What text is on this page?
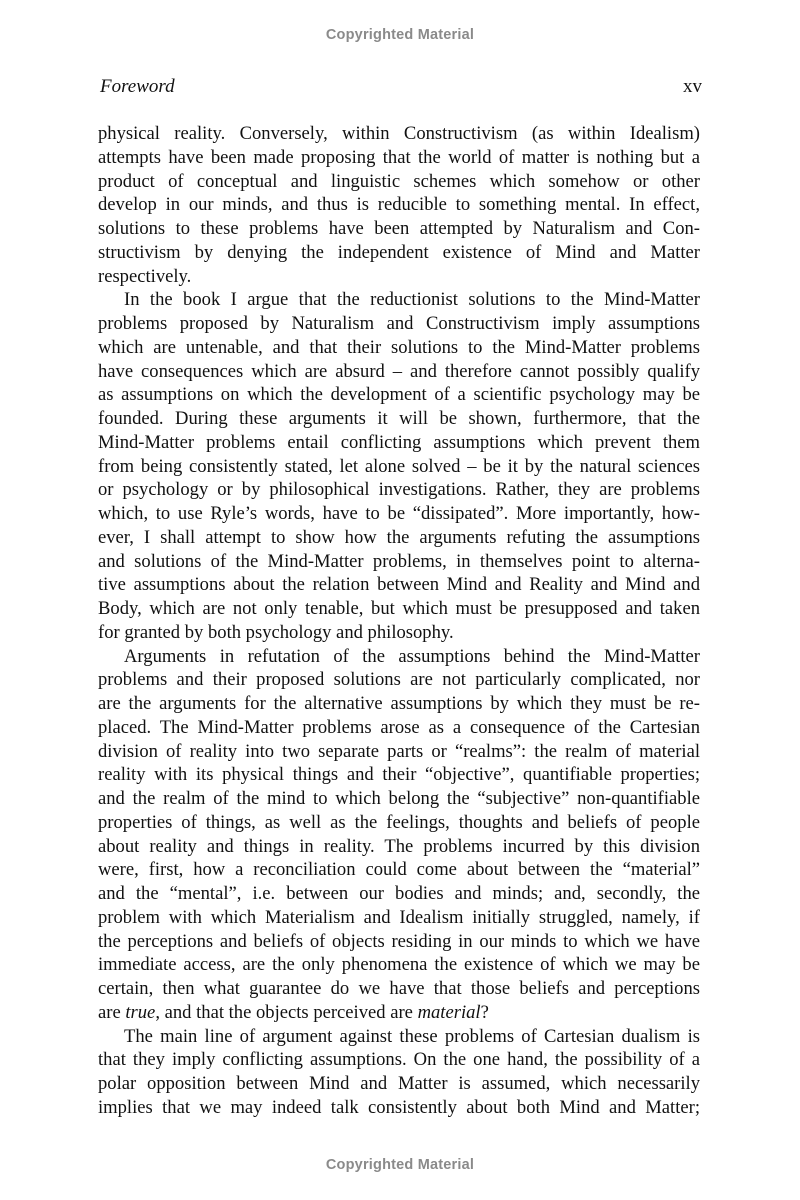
Copyrighted Material
Foreword	xv
physical reality. Conversely, within Constructivism (as within Idealism)
attempts have been made proposing that the world of matter is nothing but a
product of conceptual and linguistic schemes which somehow or other
develop in our minds, and thus is reducible to something mental. In effect,
solutions to these problems have been attempted by Naturalism and Con-
structivism by denying the independent existence of Mind and Matter
respectively.
In the book I argue that the reductionist solutions to the Mind-Matter
problems proposed by Naturalism and Constructivism imply assumptions
which are untenable, and that their solutions to the Mind-Matter problems
have consequences which are absurd – and therefore cannot possibly qualify
as assumptions on which the development of a scientific psychology may be
founded. During these arguments it will be shown, furthermore, that the
Mind-Matter problems entail conflicting assumptions which prevent them
from being consistently stated, let alone solved – be it by the natural sciences
or psychology or by philosophical investigations. Rather, they are problems
which, to use Ryle’s words, have to be “dissipated”. More importantly, how-
ever, I shall attempt to show how the arguments refuting the assumptions
and solutions of the Mind-Matter problems, in themselves point to alterna-
tive assumptions about the relation between Mind and Reality and Mind and
Body, which are not only tenable, but which must be presupposed and taken
for granted by both psychology and philosophy.
Arguments in refutation of the assumptions behind the Mind-Matter
problems and their proposed solutions are not particularly complicated, nor
are the arguments for the alternative assumptions by which they must be re-
placed. The Mind-Matter problems arose as a consequence of the Cartesian
division of reality into two separate parts or “realms”: the realm of material
reality with its physical things and their “objective”, quantifiable properties;
and the realm of the mind to which belong the “subjective” non-quantifiable
properties of things, as well as the feelings, thoughts and beliefs of people
about reality and things in reality. The problems incurred by this division
were, first, how a reconciliation could come about between the “material”
and the “mental”, i.e. between our bodies and minds; and, secondly, the
problem with which Materialism and Idealism initially struggled, namely, if
the perceptions and beliefs of objects residing in our minds to which we have
immediate access, are the only phenomena the existence of which we may be
certain, then what guarantee do we have that those beliefs and perceptions
are true, and that the objects perceived are material?
The main line of argument against these problems of Cartesian dualism is
that they imply conflicting assumptions. On the one hand, the possibility of a
polar opposition between Mind and Matter is assumed, which necessarily
implies that we may indeed talk consistently about both Mind and Matter;
Copyrighted Material
